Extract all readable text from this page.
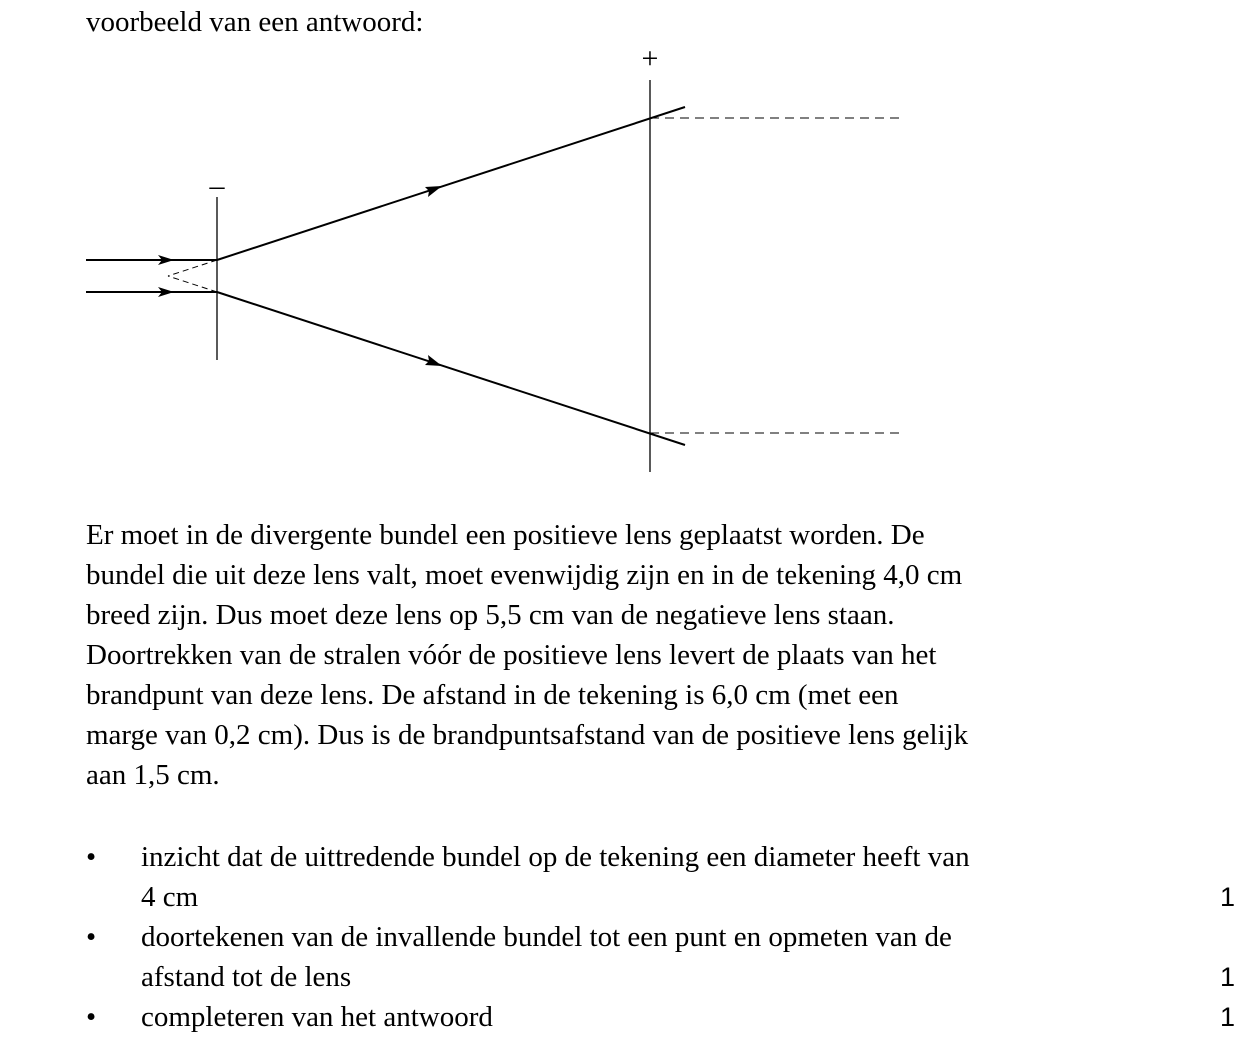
voorbeeld van een antwoord:
–
+
Er moet in de divergente bundel een positieve lens geplaatst worden. De
bundel die uit deze lens valt, moet evenwijdig zijn en in de tekening 4,0 cm
breed zijn. Dus moet deze lens op 5,5 cm van de negatieve lens staan.
Doortrekken van de stralen vóór de positieve lens levert de plaats van het
brandpunt van deze lens. De afstand in de tekening is 6,0 cm (met een
marge van 0,2 cm). Dus is de brandpuntsafstand van de positieve lens gelijk
aan 1,5 cm.
• inzicht dat de uittredende bundel op de tekening een diameter heeft van
4 cm	1
• doortekenen van de invallende bundel tot een punt en opmeten van de
afstand tot de lens	1
• completeren van het antwoord	1
